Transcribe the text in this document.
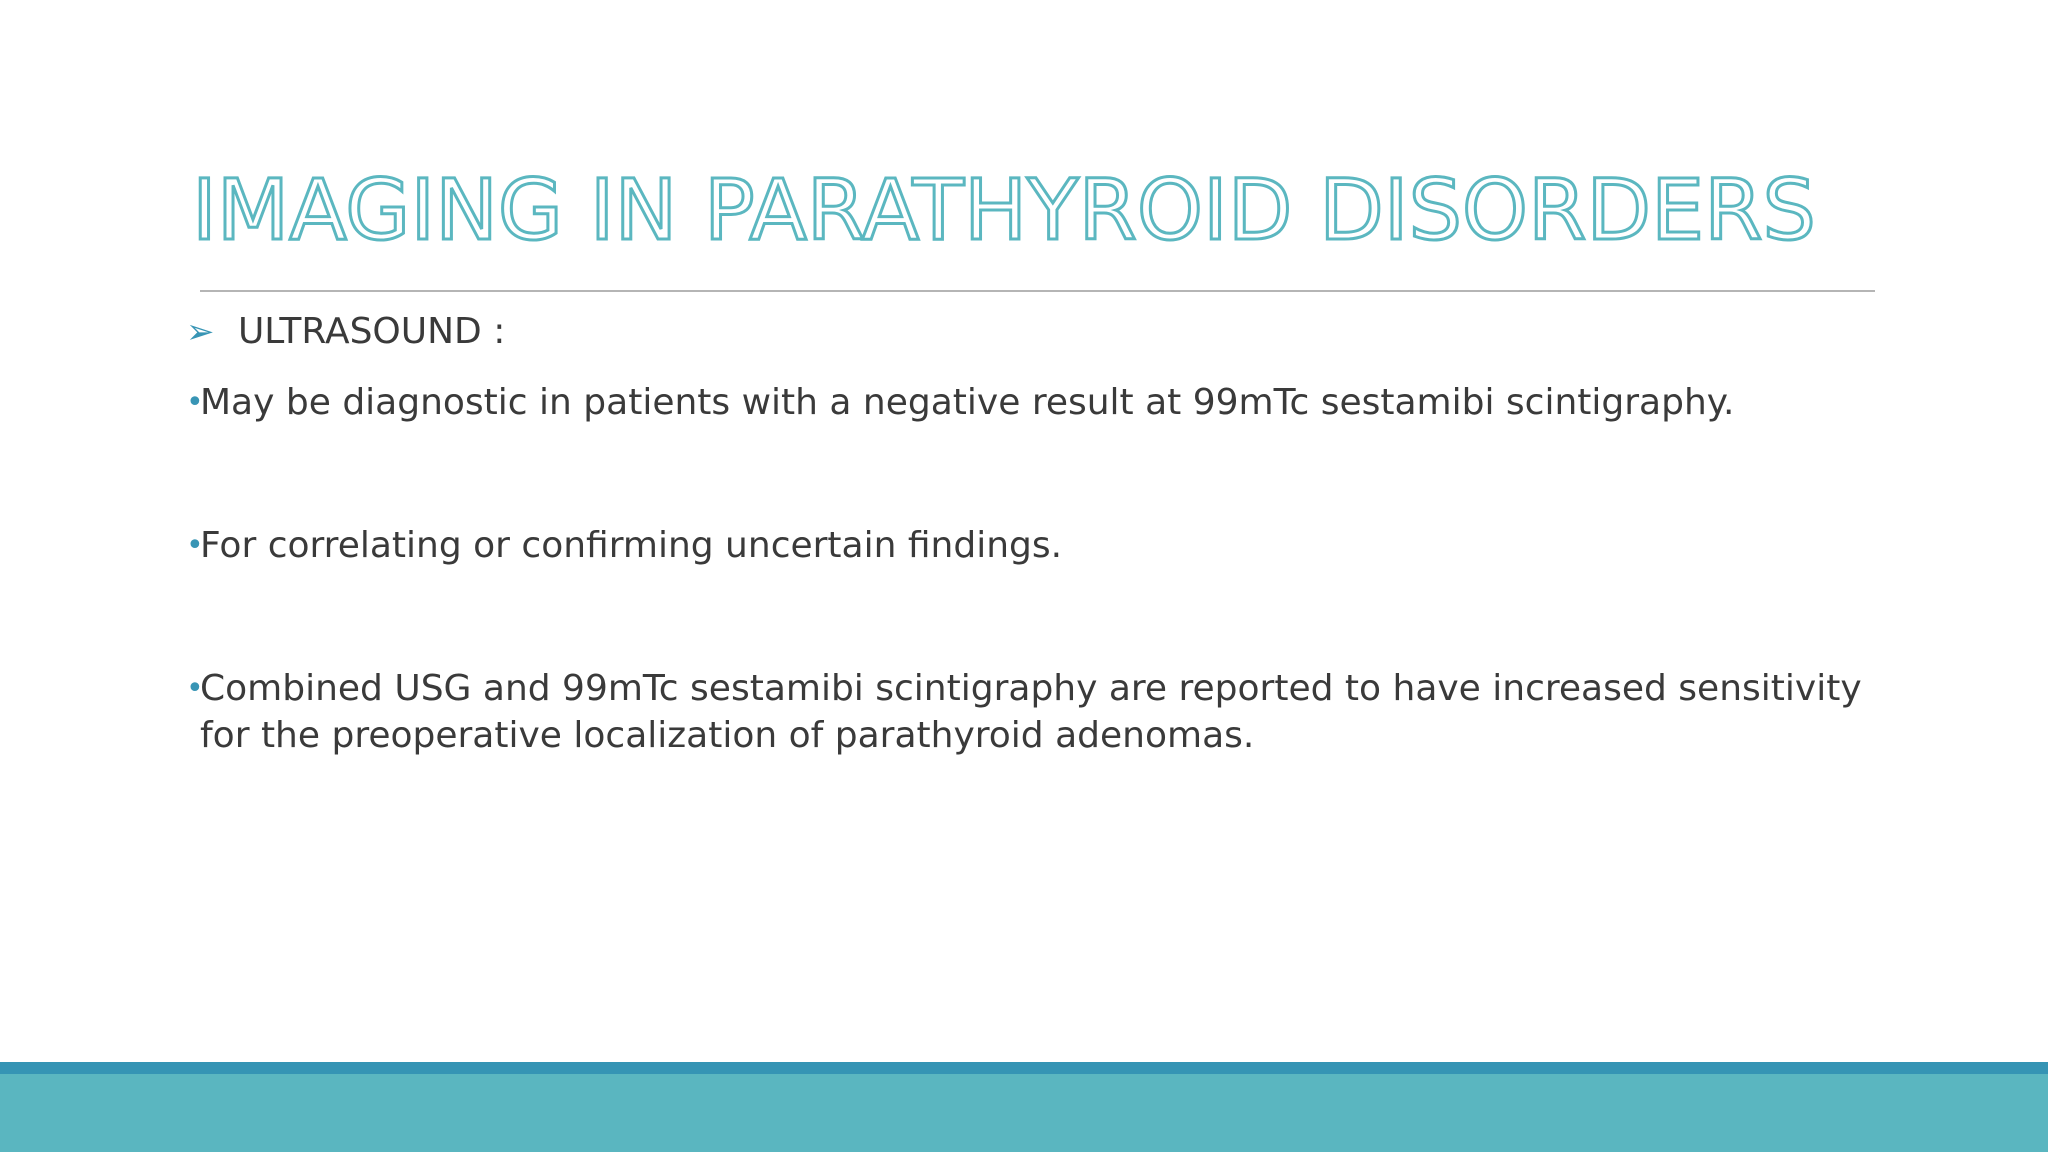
IMAGING IN PARATHYROID DISORDERS
➢ ULTRASOUND :
•
May be diagnostic in patients with a negative result at 99mTc sestamibi scintigraphy.
•
For correlating or confirming uncertain findings.
•
Combined USG and 99mTc sestamibi scintigraphy are reported to have increased sensitivity for the preoperative localization of parathyroid adenomas.
